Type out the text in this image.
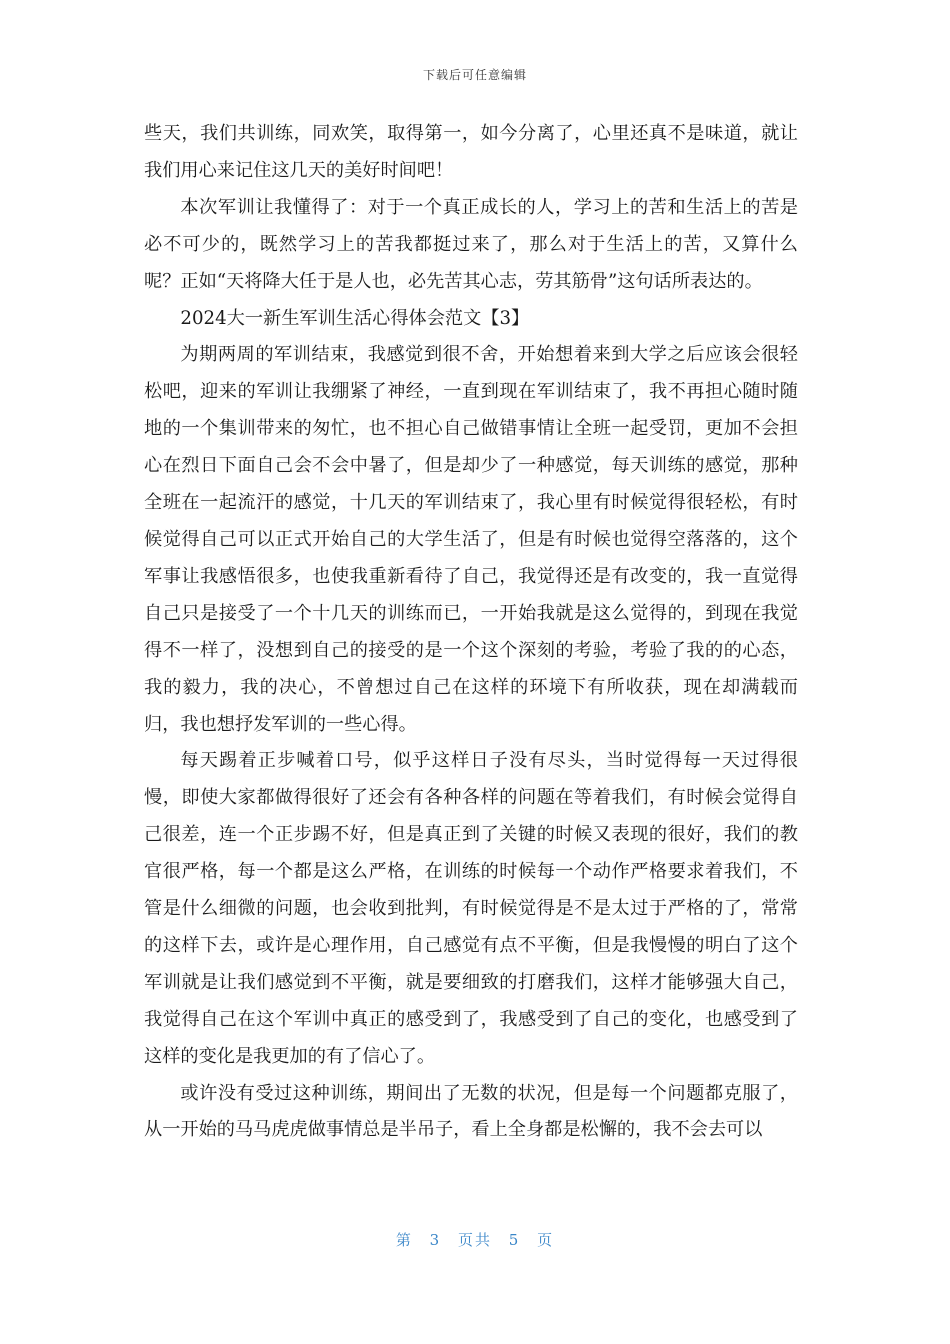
下载后可任意编辑

些天，我们共训练，同欢笑，取得第一，如今分离了，心里还真不是味道，就让我们用心来记住这几天的美好时间吧！

本次军训让我懂得了：对于一个真正成长的人，学习上的苦和生活上的苦是必不可少的，既然学习上的苦我都挺过来了，那么对于生活上的苦，又算什么呢？正如“天将降大任于是人也，必先苦其心志，劳其筋骨”这句话所表达的。

2024大一新生军训生活心得体会范文【3】

为期两周的军训结束，我感觉到很不舍，开始想着来到大学之后应该会很轻松吧，迎来的军训让我绷紧了神经，一直到现在军训结束了，我不再担心随时随地的一个集训带来的匆忙，也不担心自己做错事情让全班一起受罚，更加不会担心在烈日下面自己会不会中暑了，但是却少了一种感觉，每天训练的感觉，那种全班在一起流汗的感觉，十几天的军训结束了，我心里有时候觉得很轻松，有时候觉得自己可以正式开始自己的大学生活了，但是有时候也觉得空落落的，这个军事让我感悟很多，也使我重新看待了自己，我觉得还是有改变的，我一直觉得自己只是接受了一个十几天的训练而已，一开始我就是这么觉得的，到现在我觉得不一样了，没想到自己的接受的是一个这个深刻的考验，考验了我的的心态，我的毅力，我的决心，不曾想过自己在这样的环境下有所收获，现在却满载而归，我也想抒发军训的一些心得。

每天踢着正步喊着口号，似乎这样日子没有尽头，当时觉得每一天过得很慢，即使大家都做得很好了还会有各种各样的问题在等着我们，有时候会觉得自己很差，连一个正步踢不好，但是真正到了关键的时候又表现的很好，我们的教官很严格，每一个都是这么严格，在训练的时候每一个动作严格要求着我们，不管是什么细微的问题，也会收到批判，有时候觉得是不是太过于严格的了，常常的这样下去，或许是心理作用，自己感觉有点不平衡，但是我慢慢的明白了这个军训就是让我们感觉到不平衡，就是要细致的打磨我们，这样才能够强大自己，我觉得自己在这个军训中真正的感受到了，我感受到了自己的变化，也感受到了这样的变化是我更加的有了信心了。

或许没有受过这种训练，期间出了无数的状况，但是每一个问题都克服了，从一开始的马马虎虎做事情总是半吊子，看上全身都是松懈的，我不会去可以

第 3 页共 5 页
